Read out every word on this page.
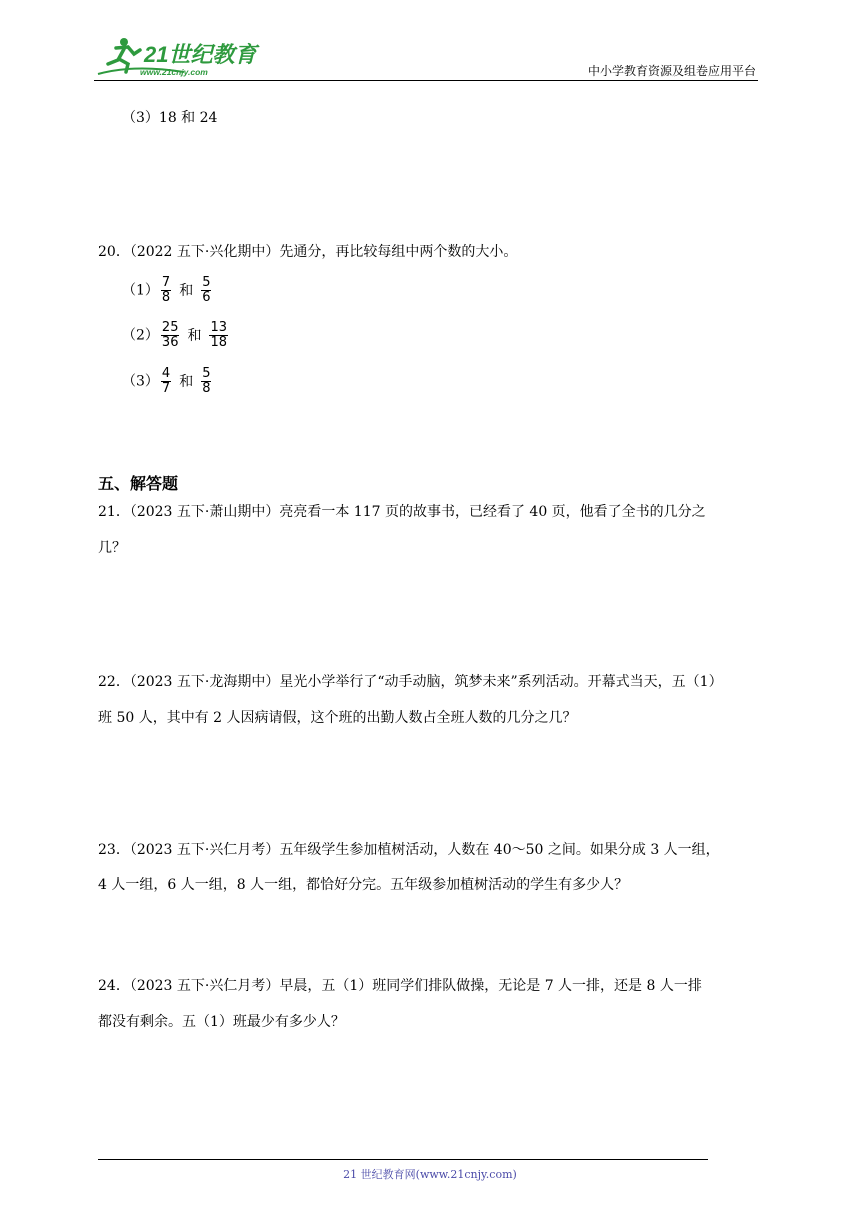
21世纪教育
www.21cnjy.com	中小学教育资源及组卷应用平台
（3）18 和 24
20．（2022 五下·兴化期中）先通分，再比较每组中两个数的大小。
$(1) \frac{7}{8}$ 和 $\frac{5}{6}$
$(2) \frac{25}{36}$ 和 $\frac{13}{18}$
$(3) \frac{4}{7}$ 和 $\frac{5}{8}$
五、解答题
21．（2023 五下·萧山期中）亮亮看一本 117 页的故事书，已经看了 40 页，他看了全书的几分之
几？
22．（2023 五下·龙海期中）星光小学举行了“动手动脑，筑梦未来”系列活动。开幕式当天，五（1）
班 50 人，其中有 2 人因病请假，这个班的出勤人数占全班人数的几分之几？
23．（2023 五下·兴仁月考）五年级学生参加植树活动，人数在 40～50 之间。如果分成 3 人一组，
4 人一组，6 人一组，8 人一组，都恰好分完。五年级参加植树活动的学生有多少人？
24．（2023 五下·兴仁月考）早晨，五（1）班同学们排队做操，无论是 7 人一排，还是 8 人一排
都没有剩余。五（1）班最少有多少人？
21 世纪教育网(www.21cnjy.com)
